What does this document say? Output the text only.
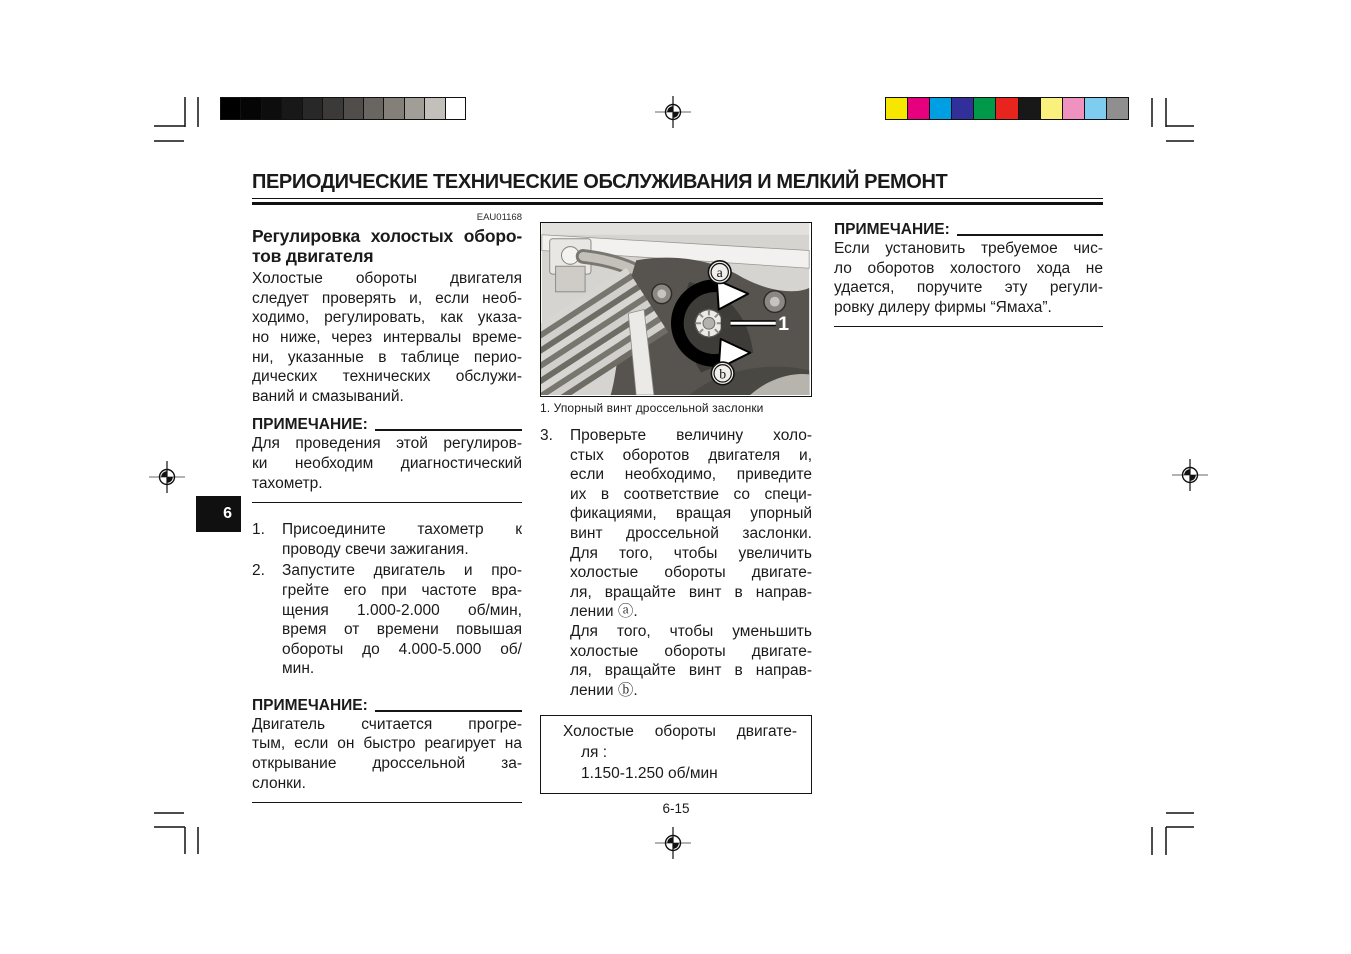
ПЕРИОДИЧЕСКИЕ ТЕХНИЧЕСКИЕ ОБСЛУЖИВАНИЯ И МЕЛКИЙ РЕМОНТ
6
EAU01168
Регулировка холостых оборо-
тов двигателя
Холостые обороты двигателя
следует проверять и, если необ-
ходимо, регулировать, как указа-
но ниже, через интервалы време-
ни, указанные в таблице перио-
дических технических обслужи-
ваний и смазываний.
ПРИМЕЧАНИЕ:
Для проведения этой регулиров-
ки необходим диагностический
тахометр.
1.	Присоедините тахометр к
проводу свечи зажигания.
2.	Запустите двигатель и про-
грейте его при частоте вра-
щения 1.000-2.000 об/мин,
время от времени повышая
обороты до 4.000-5.000 об/
мин.
ПРИМЕЧАНИЕ:
Двигатель считается прогре-
тым, если он быстро реагирует на
открывание дроссельной за-
слонки.
1
a
b
1. Упорный винт дроссельной заслонки
3.	Проверьте величину холо-
стых оборотов двигателя и,
если необходимо, приведите
их в соответствие со специ-
фикациями, вращая упорный
винт дроссельной заслонки.
Для того, чтобы увеличить
холостые обороты двигате-
ля, вращайте винт в направ-
лении ⓐ.
Для того, чтобы уменьшить
холостые обороты двигате-
ля, вращайте винт в направ-
лении ⓑ.
Холостые обороты двигате-
ля :
1.150-1.250 об/мин
6-15
ПРИМЕЧАНИЕ:
Если установить требуемое чис-
ло оборотов холостого хода не
удается, поручите эту регули-
ровку дилеру фирмы “Ямаха”.
